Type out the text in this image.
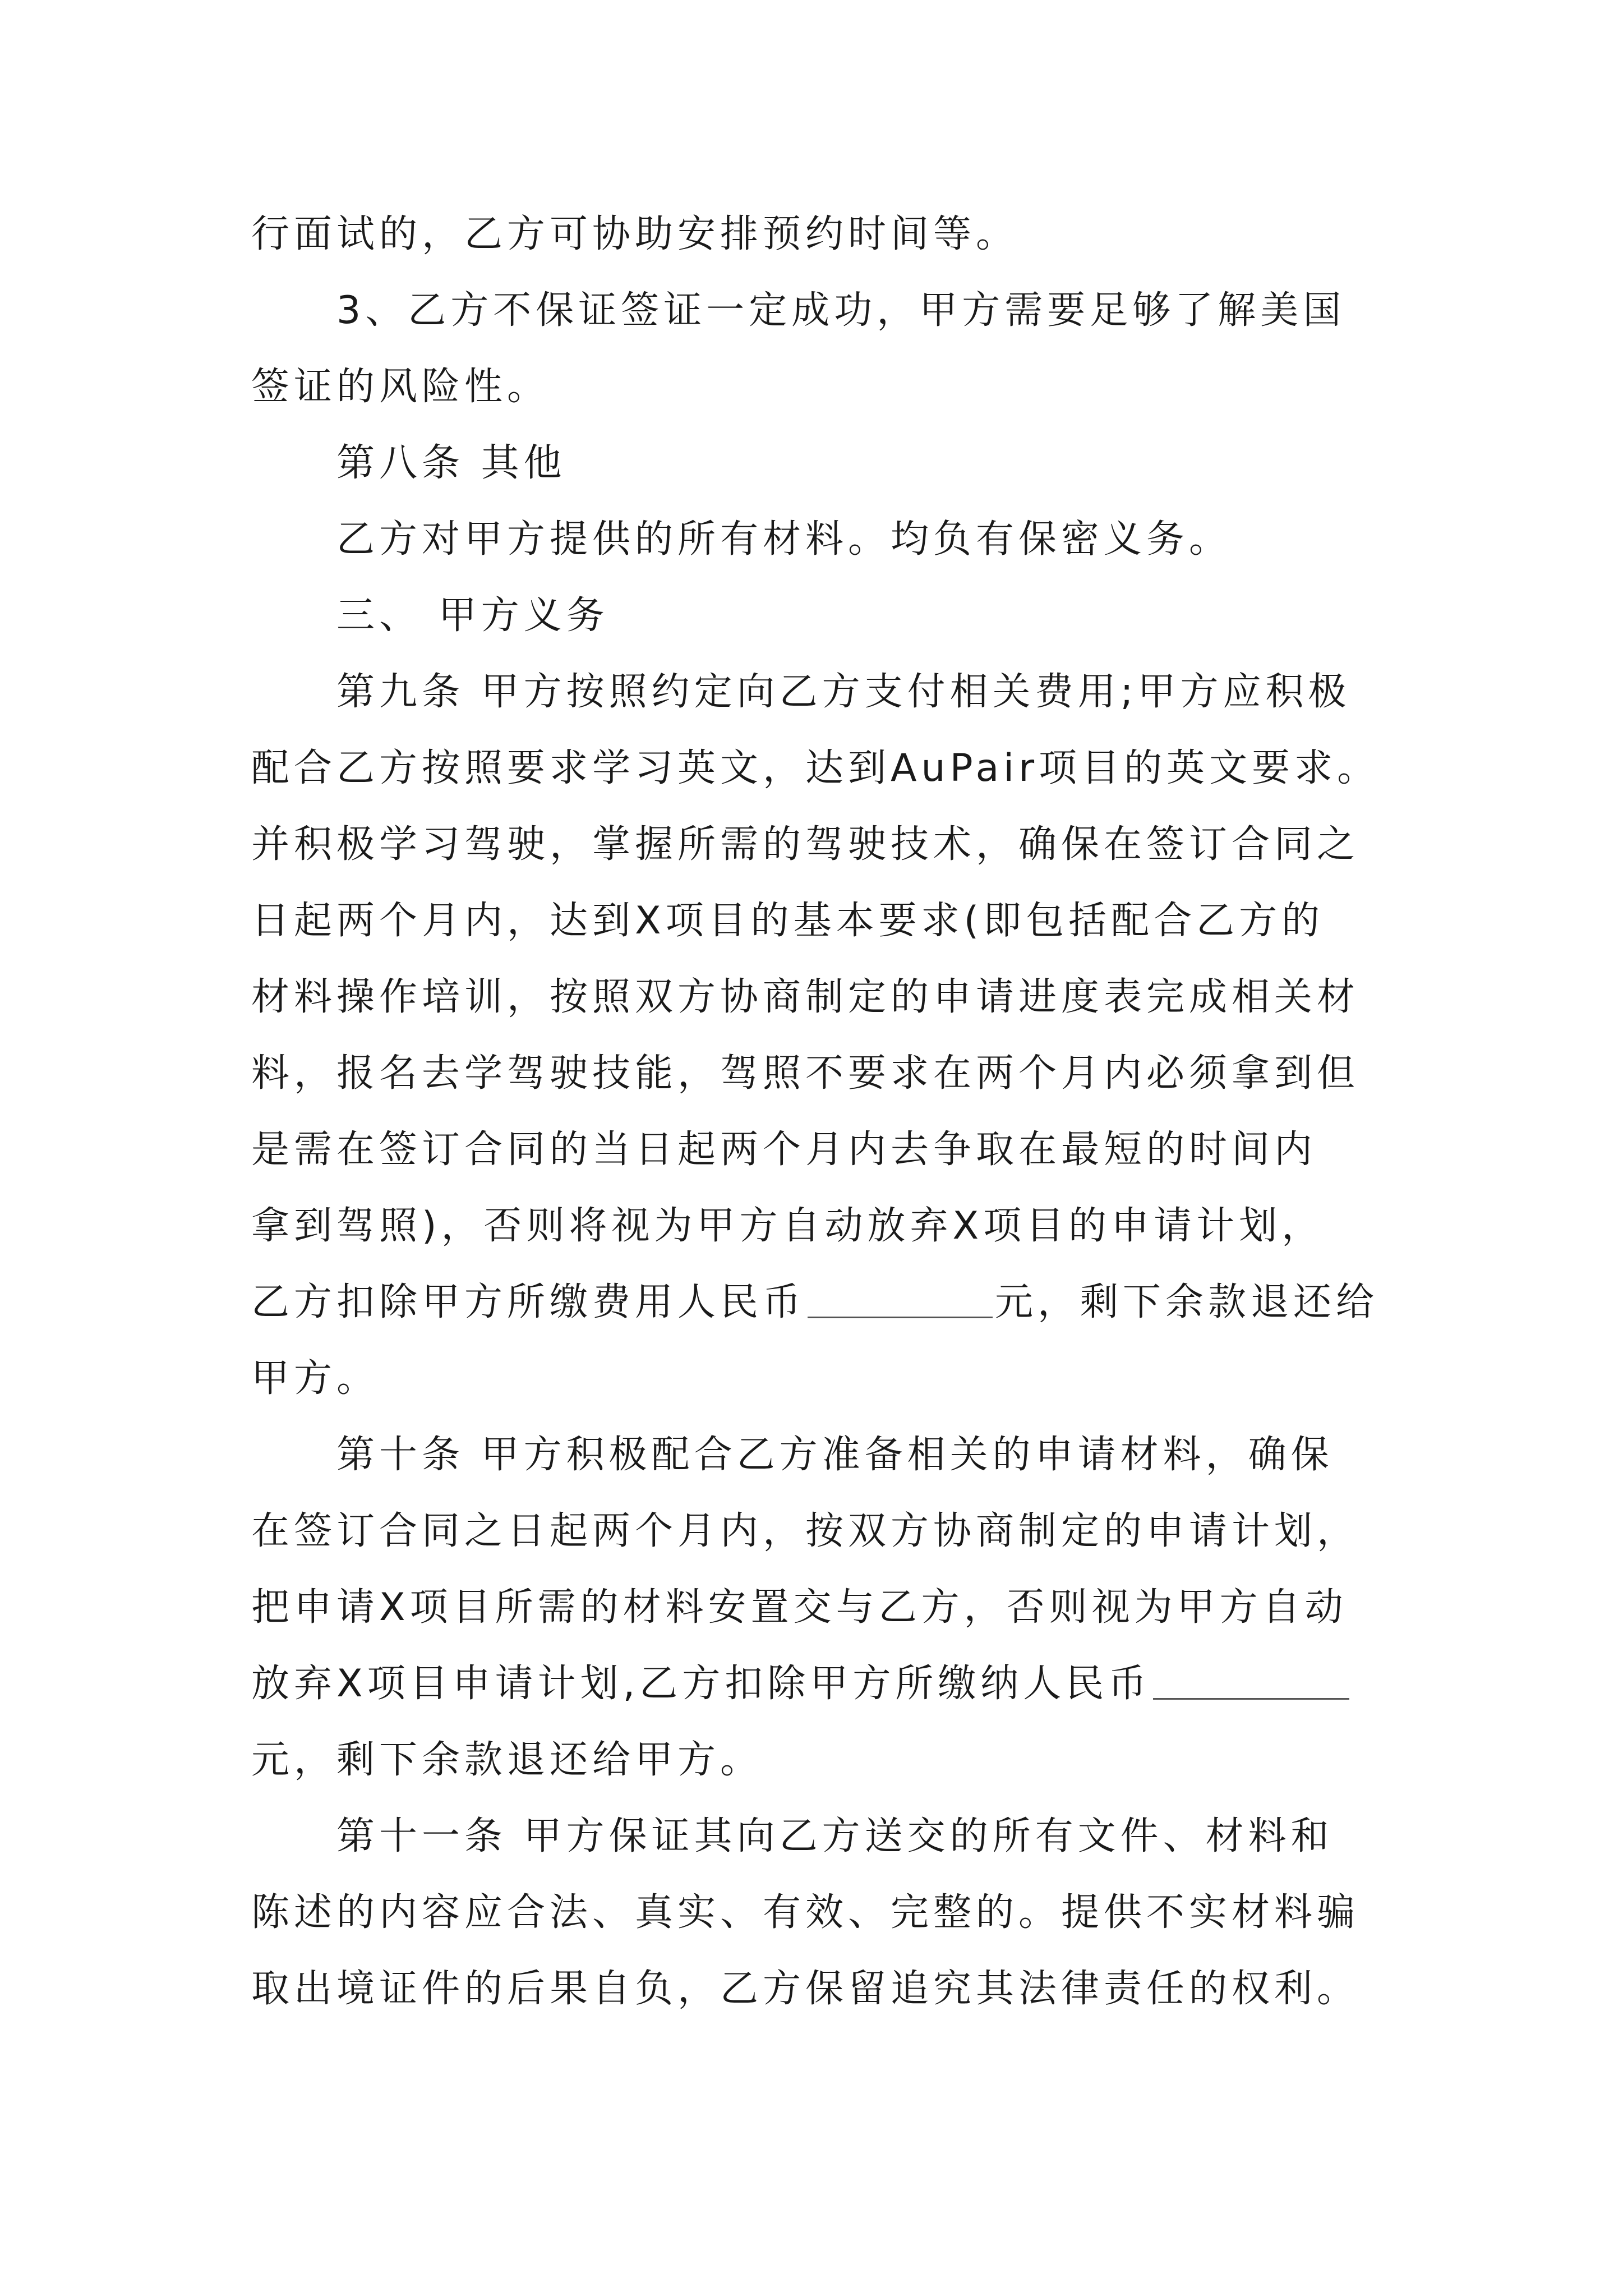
行面试的，乙方可协助安排预约时间等。
3、乙方不保证签证一定成功，甲方需要足够了解美国
签证的风险性。
第八条 其他
乙方对甲方提供的所有材料。均负有保密义务。
三、 甲方义务
第九条 甲方按照约定向乙方支付相关费用;甲方应积极
配合乙方按照要求学习英文，达到AuPair项目的英文要求。
并积极学习驾驶，掌握所需的驾驶技术，确保在签订合同之
日起两个月内，达到X项目的基本要求(即包括配合乙方的
材料操作培训，按照双方协商制定的申请进度表完成相关材
料，报名去学驾驶技能，驾照不要求在两个月内必须拿到但
是需在签订合同的当日起两个月内去争取在最短的时间内
拿到驾照)，否则将视为甲方自动放弃X项目的申请计划，
乙方扣除甲方所缴费用人民币	元，剩下余款退还给
甲方。
第十条 甲方积极配合乙方准备相关的申请材料，确保
在签订合同之日起两个月内，按双方协商制定的申请计划，
把申请X项目所需的材料安置交与乙方，否则视为甲方自动
放弃X项目申请计划,乙方扣除甲方所缴纳人民币
元，剩下余款退还给甲方。
第十一条 甲方保证其向乙方送交的所有文件、材料和
陈述的内容应合法、真实、有效、完整的。提供不实材料骗
取出境证件的后果自负，乙方保留追究其法律责任的权利。
